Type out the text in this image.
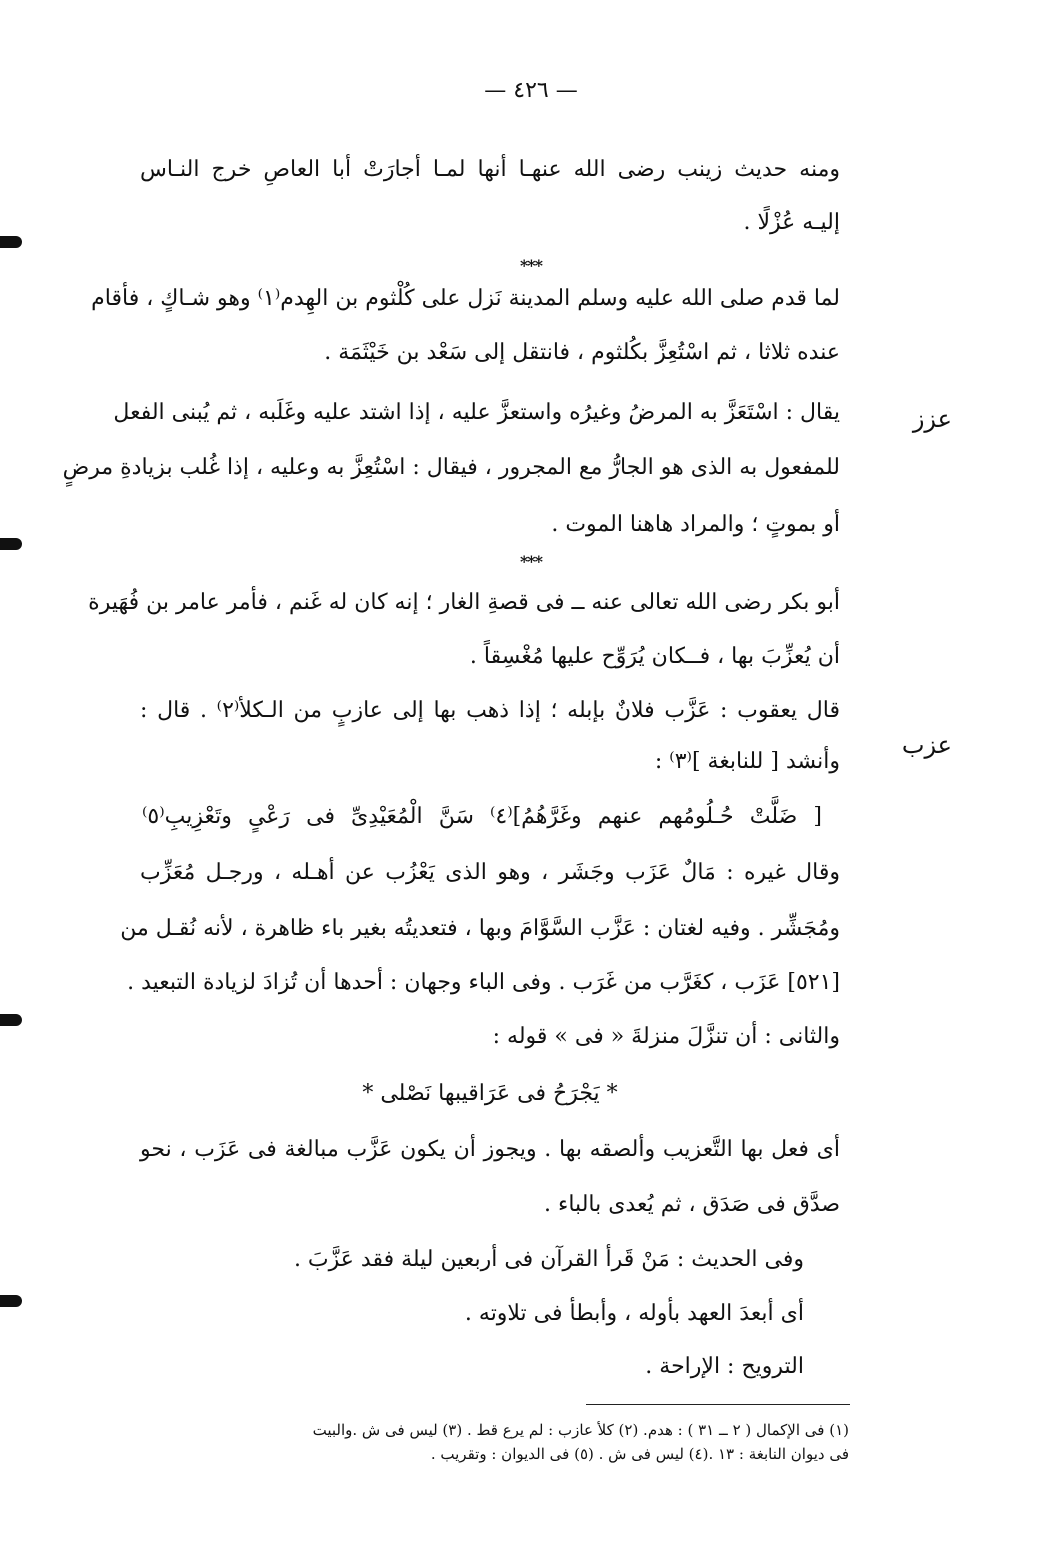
— ٤٢٦ —
ومنه حديث زينب رضى الله عنهـا أنها لمـا أجارَتْ أبا العاصِ خرج النـاس
إليـه عُزْلًا .
***
لما قدم صلى الله عليه وسلم المدينة نَزل على كُلْثوم بن الهِدم⁽١⁾ وهو شـاكٍ ، فأقام
عنده ثلاثا ، ثم اسْتُعِزَّ بكُلثوم ، فانتقل إلى سَعْد بن خَيْثَمَة .
يقال : اسْتَعَزَّ به المرضُ وغيرُه واستعزَّ عليه ، إذا اشتد عليه وغَلَبه ، ثم يُبنى الفعل
للمفعول به الذى هو الجارُّ مع المجرور ، فيقال : اسْتُعِزَّ به وعليه ، إذا غُلب بزيادةِ مرضٍ
أو بموتٍ ؛ والمراد هاهنا الموت .
عزز
***
أبو بكر رضى الله تعالى عنه ــ فى قصةِ الغار ؛ إنه كان له غَنم ، فأمر عامر بن فُهَيرة
أن يُعزِّبَ بها ، فــكان يُرَوِّح عليها مُغْسِقاً .
قال يعقوب : عَزَّب فلانٌ بإبله ؛ إذا ذهب بها إلى عازبٍ من الـكلأ⁽٢⁾ . قال :
وأنشد [ للنابغة ]⁽٣⁾ :
عزب
[ ضَلَّتْ حُـلُومُهم عنهم وغَرَّهُمُ]⁽٤⁾ سَنَّ الْمُعَيْدِىِّ فى رَعْىٍ وتَعْزِيبِ⁽٥⁾
وقال غيره : مَالٌ عَزَب وجَشَر ، وهو الذى يَعْزُب عن أهـله ، ورجـل مُعَزِّب
ومُجَشِّر . وفيه لغتان : عَزَّب السَّوَّامَ وبها ، فتعديتُه بغير باء ظاهرة ، لأنه نُقـل من
[٥٢١] عَزَب ، كغَرَّب من غَرَب . وفى الباء وجهان : أحدها أن تُزادَ لزيادة التبعيد .
والثانى : أن تنزَّلَ منزلةَ « فى » قوله :
* يَجْرَحُ فى عَرَاقيبها نَصْلى *
أى فعل بها التَّعزيب وألصقه بها . ويجوز أن يكون عَزَّب مبالغة فى عَزَب ، نحو
صدَّق فى صَدَق ، ثم يُعدى بالباء .
وفى الحديث : مَنْ قَرأ القرآن فى أربعين ليلة فقد عَزَّبَ .
أى أبعدَ العهد بأوله ، وأبطأ فى تلاوته .
الترويح : الإراحة .
(١) فى الإكمال ( ٢ ــ ٣١ ) : هدم. (٢) كلأ عازب : لم يرع قط . (٣) ليس فى ش .والبيت
فى ديوان النابغة : ١٣ .(٤) ليس فى ش . (٥) فى الديوان : وتقريب .
